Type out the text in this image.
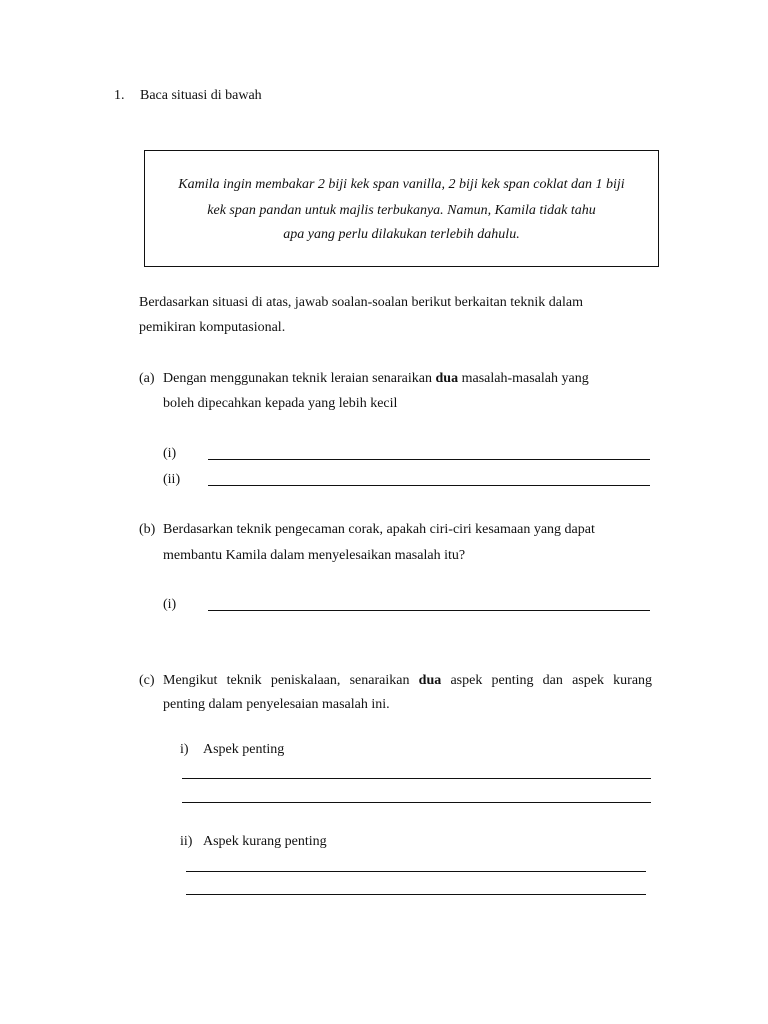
1. Baca situasi di bawah
Kamila ingin membakar 2 biji kek span vanilla, 2 biji kek span coklat dan 1 biji
kek span pandan untuk majlis terbukanya. Namun, Kamila tidak tahu
apa yang perlu dilakukan terlebih dahulu.
Berdasarkan situasi di atas, jawab soalan-soalan berikut berkaitan teknik dalam
pemikiran komputasional.
(a) Dengan menggunakan teknik leraian senaraikan dua masalah-masalah yang
boleh dipecahkan kepada yang lebih kecil
(i)
(ii)
(b) Berdasarkan teknik pengecaman corak, apakah ciri-ciri kesamaan yang dapat
membantu Kamila dalam menyelesaikan masalah itu?
(i)
(c) Mengikut teknik peniskalaan, senaraikan dua aspek penting dan aspek kurang
penting dalam penyelesaian masalah ini.
i) Aspek penting
ii) Aspek kurang penting
